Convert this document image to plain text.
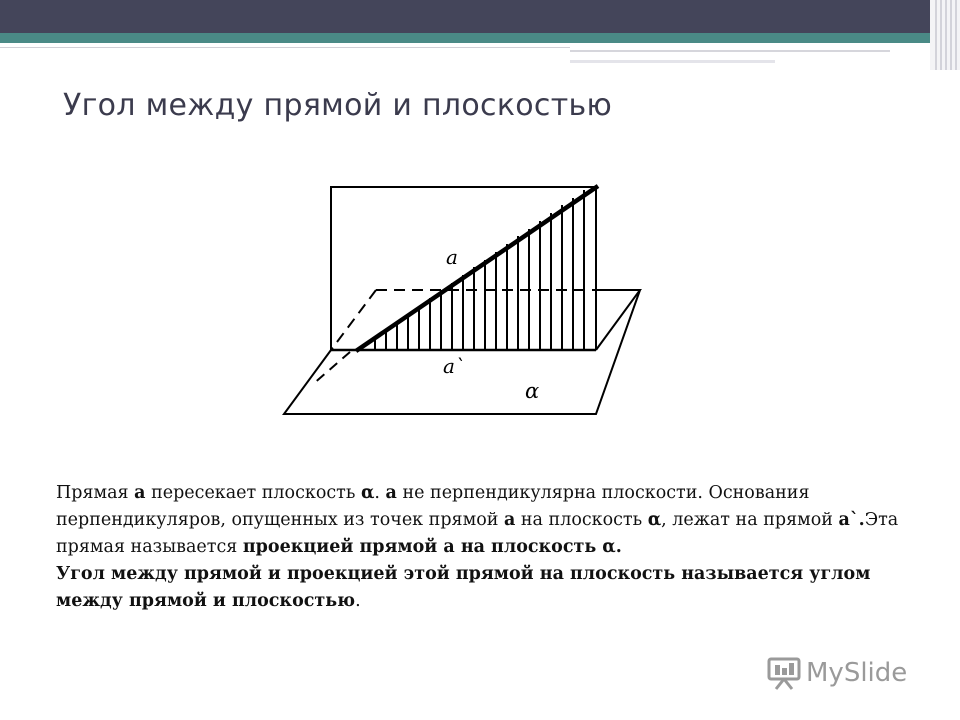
Угол между прямой и плоскостью
a
a`
α
Прямая а пересекает плоскость α. а не перпендикулярна плоскости. Основания перпендикуляров, опущенных из точек прямой а на плоскость α, лежат на прямой а`.Эта прямая называется проекцией прямой а на плоскость α.
Угол между прямой и проекцией этой прямой на плоскость называется углом между прямой и плоскостью.
MySlide
